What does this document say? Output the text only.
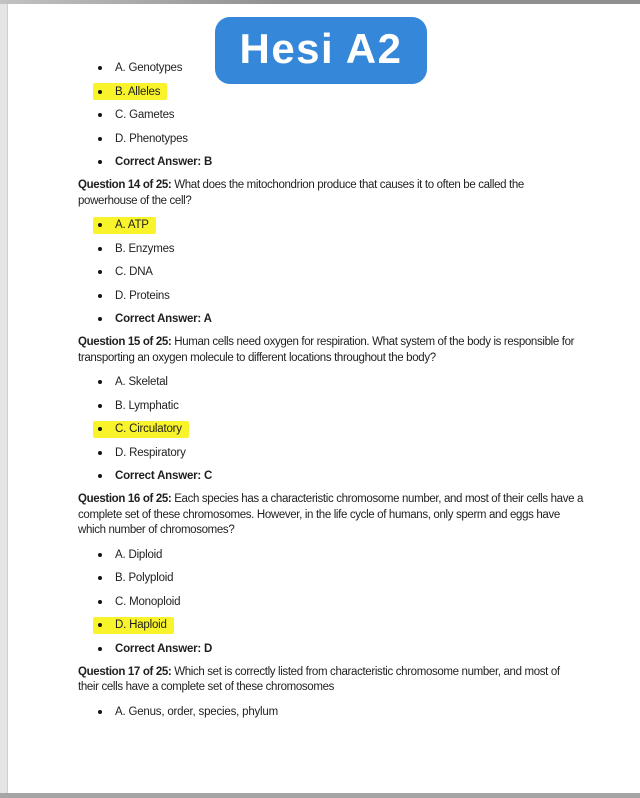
Hesi A2
A. Genotypes
B. Alleles
C. Gametes
D. Phenotypes
Correct Answer: B

Question 14 of 25: What does the mitochondrion produce that causes it to often be called the
powerhouse of the cell?

A. ATP
B. Enzymes
C. DNA
D. Proteins
Correct Answer: A

Question 15 of 25: Human cells need oxygen for respiration. What system of the body is responsible for
transporting an oxygen molecule to different locations throughout the body?

A. Skeletal
B. Lymphatic
C. Circulatory
D. Respiratory
Correct Answer: C

Question 16 of 25: Each species has a characteristic chromosome number, and most of their cells have a
complete set of these chromosomes. However, in the life cycle of humans, only sperm and eggs have
which number of chromosomes?

A. Diploid
B. Polyploid
C. Monoploid
D. Haploid
Correct Answer: D

Question 17 of 25: Which set is correctly listed from characteristic chromosome number, and most of
their cells have a complete set of these chromosomes

A. Genus, order, species, phylum
